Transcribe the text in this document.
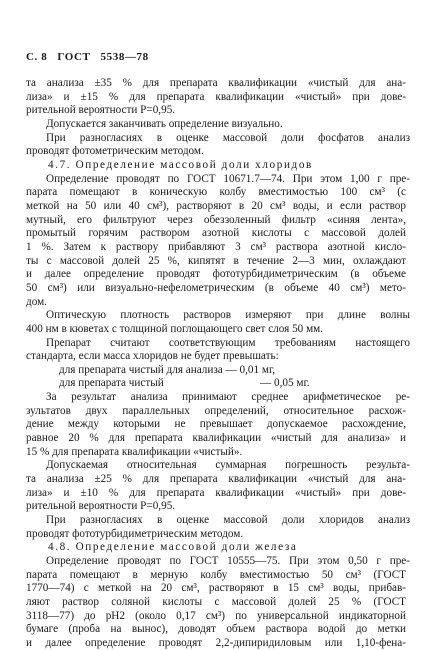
С. 8   ГОСТ   5538—78
та анализа ±35 % для препарата квалификации «чистый для ана-
лиза» и ±15 % для препарата квалификации «чистый» при дове-
рительной вероятности P=0,95.
Допускается заканчивать определение визуально.
При разногласиях в оценке массовой доли фосфатов анализ
проводят фотометрическим методом.
4.7. Определение массовой доли хлоридов
Определение проводят по ГОСТ 10671.7—74. При этом 1,00 г пре-
парата помещают в коническую колбу вместимостью 100 см³ (с
меткой на 50 или 40 см³), растворяют в 20 см³ воды, и если раствор
мутный, его фильтруют через обеззоленный фильтр «синяя лента»,
промытый горячим раствором азотной кислоты с массовой долей
1 %. Затем к раствору прибавляют 3 см³ раствора азотной кисло-
ты с массовой долей 25 %, кипятят в течение 2—3 мин, охлаждают
и далее определение проводят фототурбидиметрическим (в объеме
50 см³) или визуально-нефелометрическим (в объеме 40 см³) мето-
дом.
Оптическую плотность растворов измеряют при длине волны
400 нм в кюветах с толщиной поглощающего свет слоя 50 мм.
Препарат считают соответствующим требованиям настоящего
стандарта, если масса хлоридов не будет превышать:
для препарата чистый для анализа — 0,01 мг,
для препарата чистый	— 0,05 мг.
За результат анализа принимают среднее арифметическое ре-
зультатов двух параллельных определений, относительное расхож-
дение между которыми не превышает допускаемое расхождение,
равное 20 % для препарата квалификации «чистый для анализа» и
15 % для препарата квалификации «чистый».
Допускаемая относительная суммарная погрешность результа-
та анализа ±25 % для препарата квалификации «чистый для ана-
лиза» и ±10 % для препарата квалификации «чистый» при дове-
рительной вероятности P=0,95.
При разногласиях в оценке массовой доли хлоридов анализ
проводят фототурбидиметрическим методом.
4.8. Определение массовой доли железа
Определение проводят по ГОСТ 10555—75. При этом 0,50 г пре-
парата помещают в мерную колбу вместимостью 50 см³ (ГОСТ
1770—74) с меткой на 20 см³, растворяют в 15 см³ воды, прибав-
ляют раствор соляной кислоты с массовой долей 25 % (ГОСТ
3118—77) до pH2 (около 0,17 см³) по универсальной индикаторной
бумаге (проба на вынос), доводят объем раствора водой до метки
и далее определение проводят 2,2-дипиридиловым или 1,10-фена-
